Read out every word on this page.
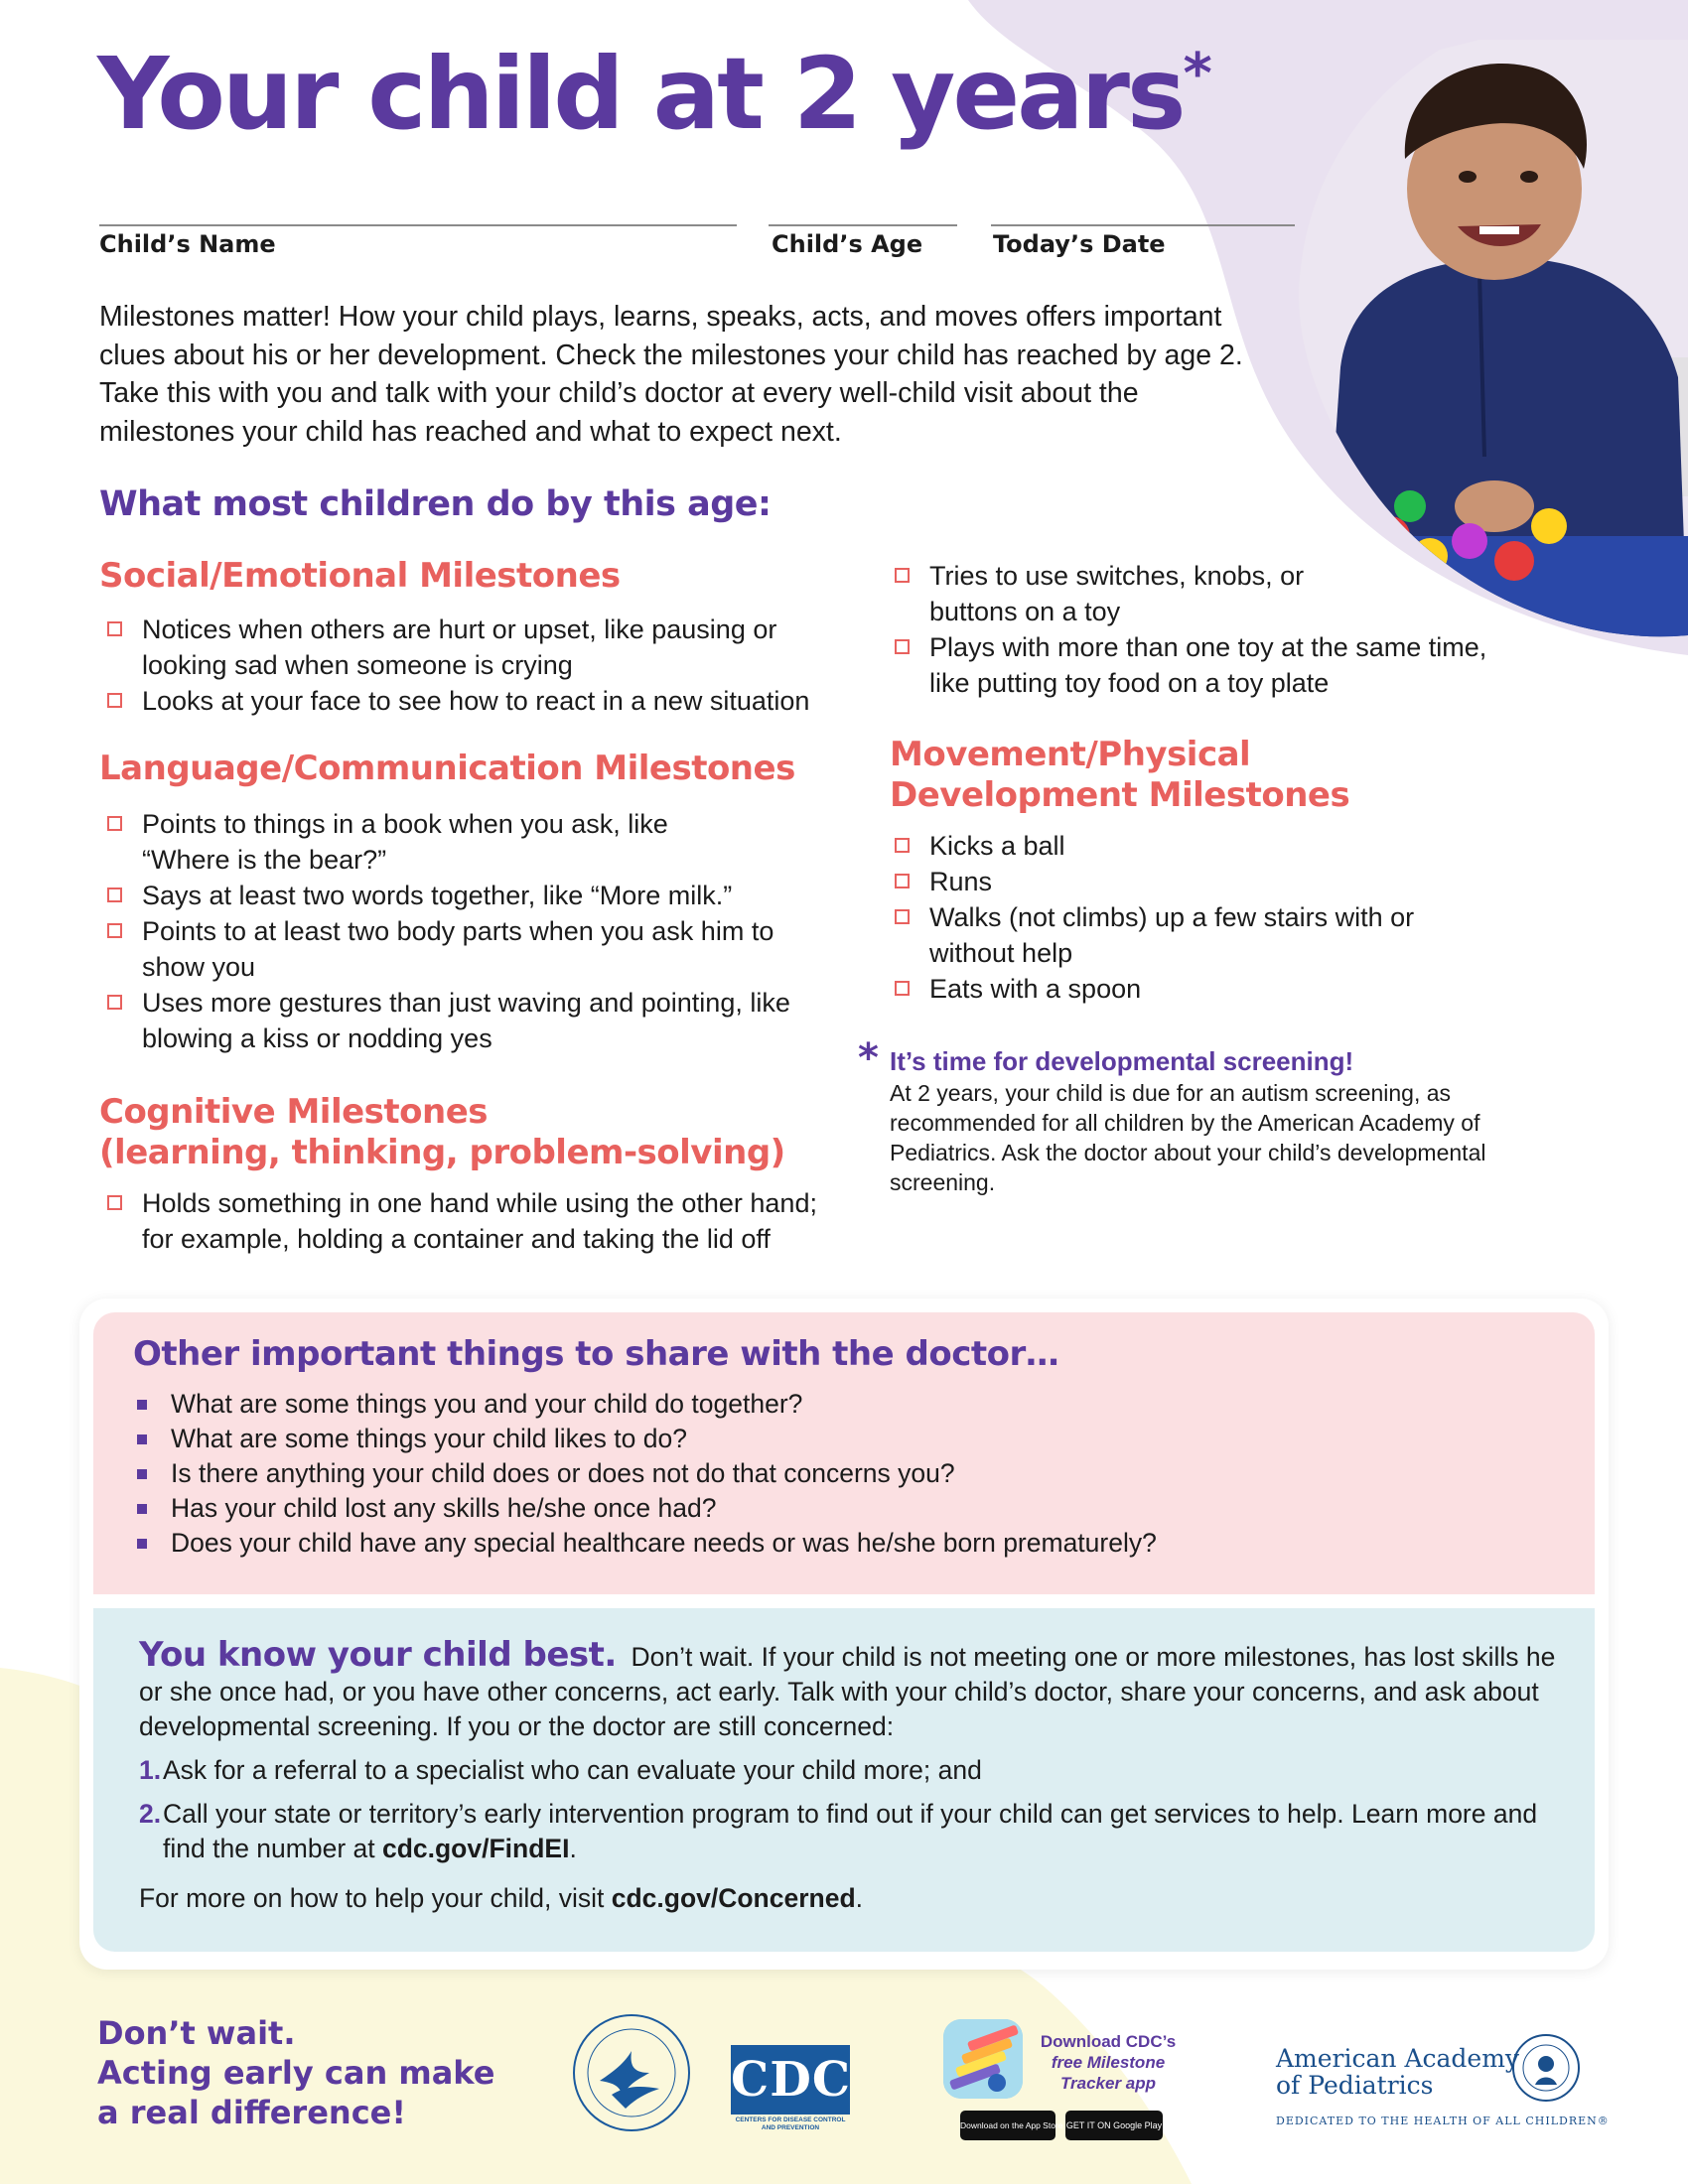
Your child at 2 years*
Child’s Name	Child’s Age	Today’s Date

Milestones matter! How your child plays, learns, speaks, acts, and moves offers important clues about his or her development. Check the milestones your child has reached by age 2. Take this with you and talk with your child’s doctor at every well-child visit about the milestones your child has reached and what to expect next.

What most children do by this age:
Social/Emotional Milestones
Notices when others are hurt or upset, like pausing or looking sad when someone is crying
Looks at your face to see how to react in a new situation
Language/Communication Milestones
Points to things in a book when you ask, like “Where is the bear?”
Says at least two words together, like “More milk.”
Points to at least two body parts when you ask him to show you
Uses more gestures than just waving and pointing, like blowing a kiss or nodding yes
Cognitive Milestones
(learning, thinking, problem-solving)
Holds something in one hand while using the other hand; for example, holding a container and taking the lid off
Tries to use switches, knobs, or buttons on a toy
Plays with more than one toy at the same time, like putting toy food on a toy plate
Movement/Physical Development Milestones
Kicks a ball
Runs
Walks (not climbs) up a few stairs with or without help
Eats with a spoon
* It’s time for developmental screening!

At 2 years, your child is due for an autism screening, as recommended for all children by the American Academy of Pediatrics. Ask the doctor about your child’s developmental screening.

Other important things to share with the doctor…
What are some things you and your child do together?
What are some things your child likes to do?
Is there anything your child does or does not do that concerns you?
Has your child lost any skills he/she once had?
Does your child have any special healthcare needs or was he/she born prematurely?

You know your child best. Don’t wait. If your child is not meeting one or more milestones, has lost skills he or she once had, or you have other concerns, act early. Talk with your child’s doctor, share your concerns, and ask about developmental screening. If you or the doctor are still concerned:

1. Ask for a referral to a specialist who can evaluate your child more; and
2. Call your state or territory’s early intervention program to find out if your child can get services to help. Learn more and find the number at cdc.gov/FindEI.
For more on how to help your child, visit cdc.gov/Concerned.

Don’t wait.
Acting early can make
a real difference!

CDC
CENTERS FOR DISEASE CONTROL AND PREVENTION
Download CDC’s
free Milestone
Tracker app
Download on the App Store GET IT ON Google Play
American Academy
of Pediatrics
DEDICATED TO THE HEALTH OF ALL CHILDREN®
